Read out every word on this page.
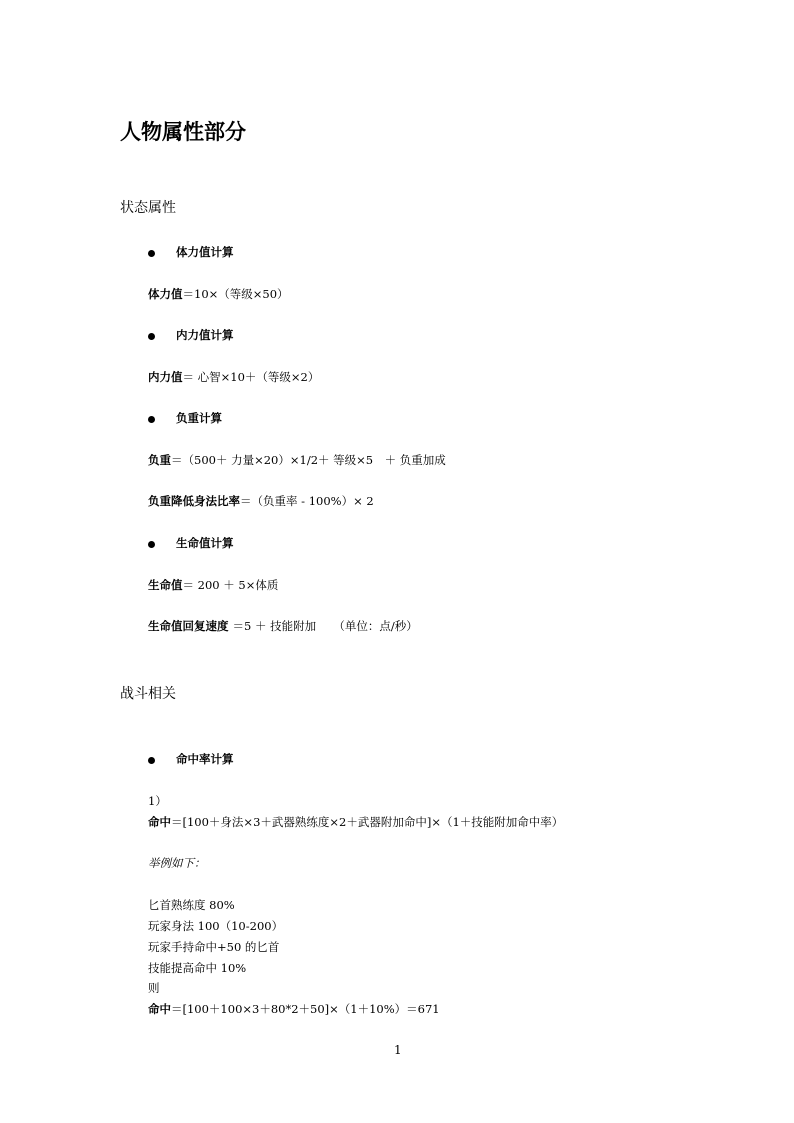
人物属性部分
状态属性
体力值计算
体力值＝10×（等级×50）
内力值计算
内力值＝ 心智×10＋（等级×2）
负重计算
负重＝（500＋ 力量×20）×1/2＋ 等级×5　＋ 负重加成
负重降低身法比率＝（负重率 - 100%）× 2
生命值计算
生命值＝ 200 ＋ 5×体质
生命值回复速度 ＝5 ＋ 技能附加　　（单位：点/秒）
战斗相关
命中率计算
1）
命中＝[100＋身法×3＋武器熟练度×2＋武器附加命中]×（1＋技能附加命中率）
举例如下：
匕首熟练度 80%
玩家身法 100（10-200）
玩家手持命中+50 的匕首
技能提高命中 10%
则
命中＝[100＋100×3＋80*2＋50]×（1＋10%）＝671
1
